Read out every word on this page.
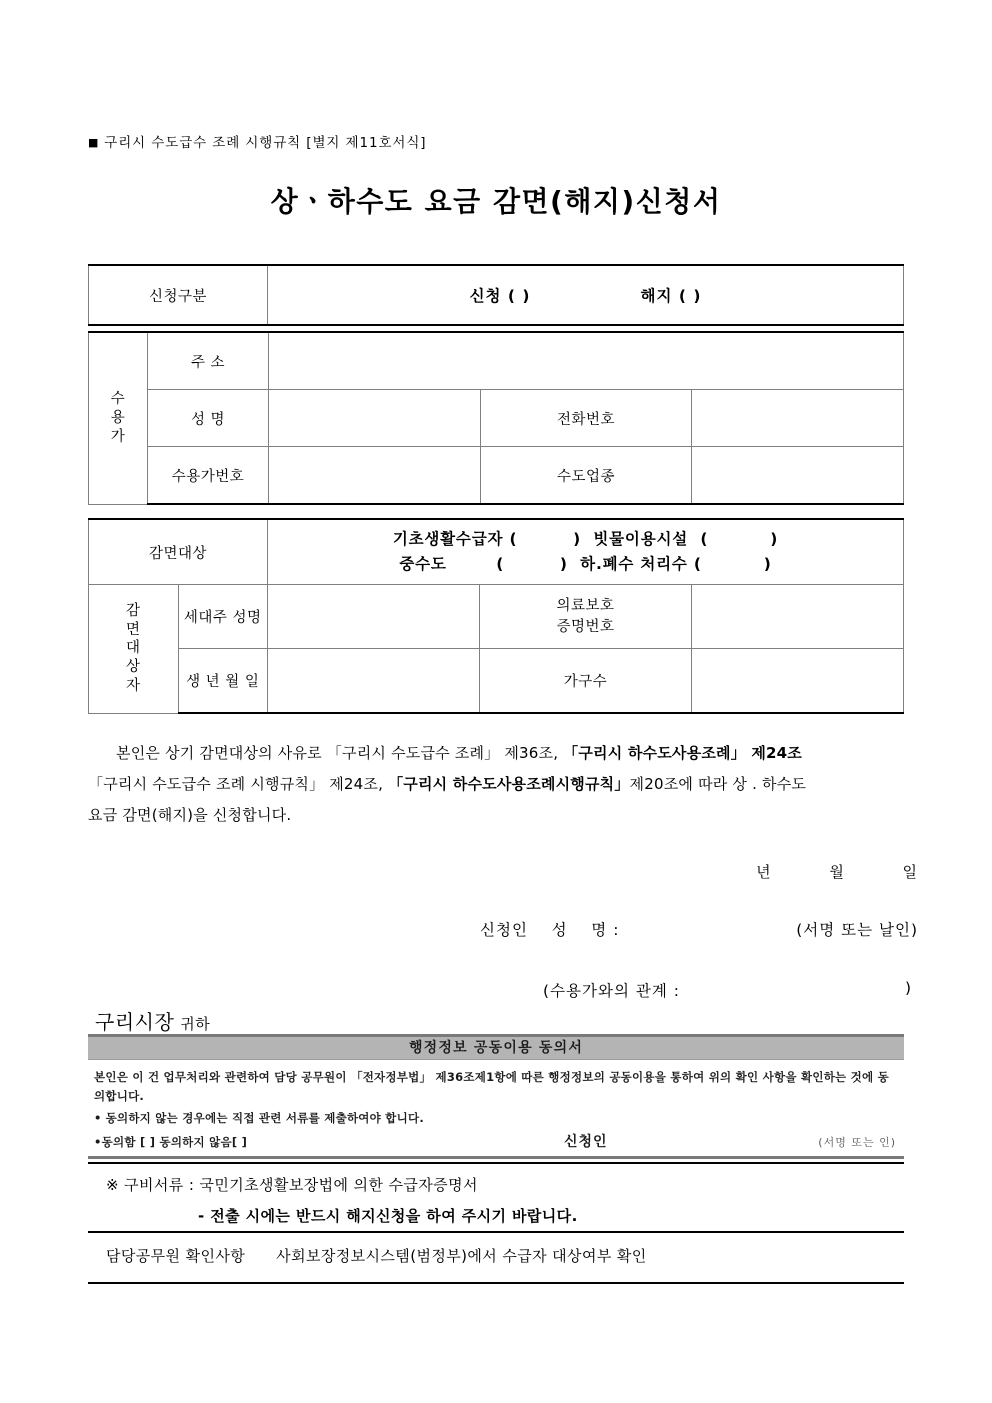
■ 구리시 수도급수 조례 시행규칙 [별지 제11호서식]
상ㆍ하수도 요금 감면(해지)신청서
신청구분	신청 ( )	해지 ( )
수
용
가	주 소			
	성 명		전화번호	
	수용가번호		수도업종	
감면대상		기초생활수급자 (         )  빗물이용시설  (          )
중수도        (         )  하.폐수 처리수 (          )		

감
면
대
상
자	세대주 성명		의료보호
증명번호	

	생 년 월 일		가구수	
본인은 상기 감면대상의 사유로 「구리시 수도급수 조례」 제36조, 「구리시 하수도사용조례」 제24조
「구리시 수도급수 조례 시행규칙」 제24조, 「구리시 하수도사용조례시행규칙」제20조에 따라 상 . 하수도
요금 감면(해지)을 신청합니다.
년          월          일

신청인    성    명 :

	(서명 또는 날인)

(수용가와의 관계 :	)
구리시장 귀하
행정정보 공동이용 동의서
본인은 이 건 업무처리와 관련하여 담당 공무원이 「전자정부법」 제36조제1항에 따른 행정정보의 공동이용을 통하여 위의 확인 사항을 확인하는 것에 동의합니다.
• 동의하지 않는 경우에는 직접 관련 서류를 제출하여야 합니다.
•동의함 [ ] 동의하지 않음[ ]	신청인	(서명 또는 인)
※ 구비서류 : 국민기초생활보장법에 의한 수급자증명서
- 전출 시에는 반드시 해지신청을 하여 주시기 바랍니다.
담당공무원 확인사항      사회보장정보시스템(범정부)에서 수급자 대상여부 확인
